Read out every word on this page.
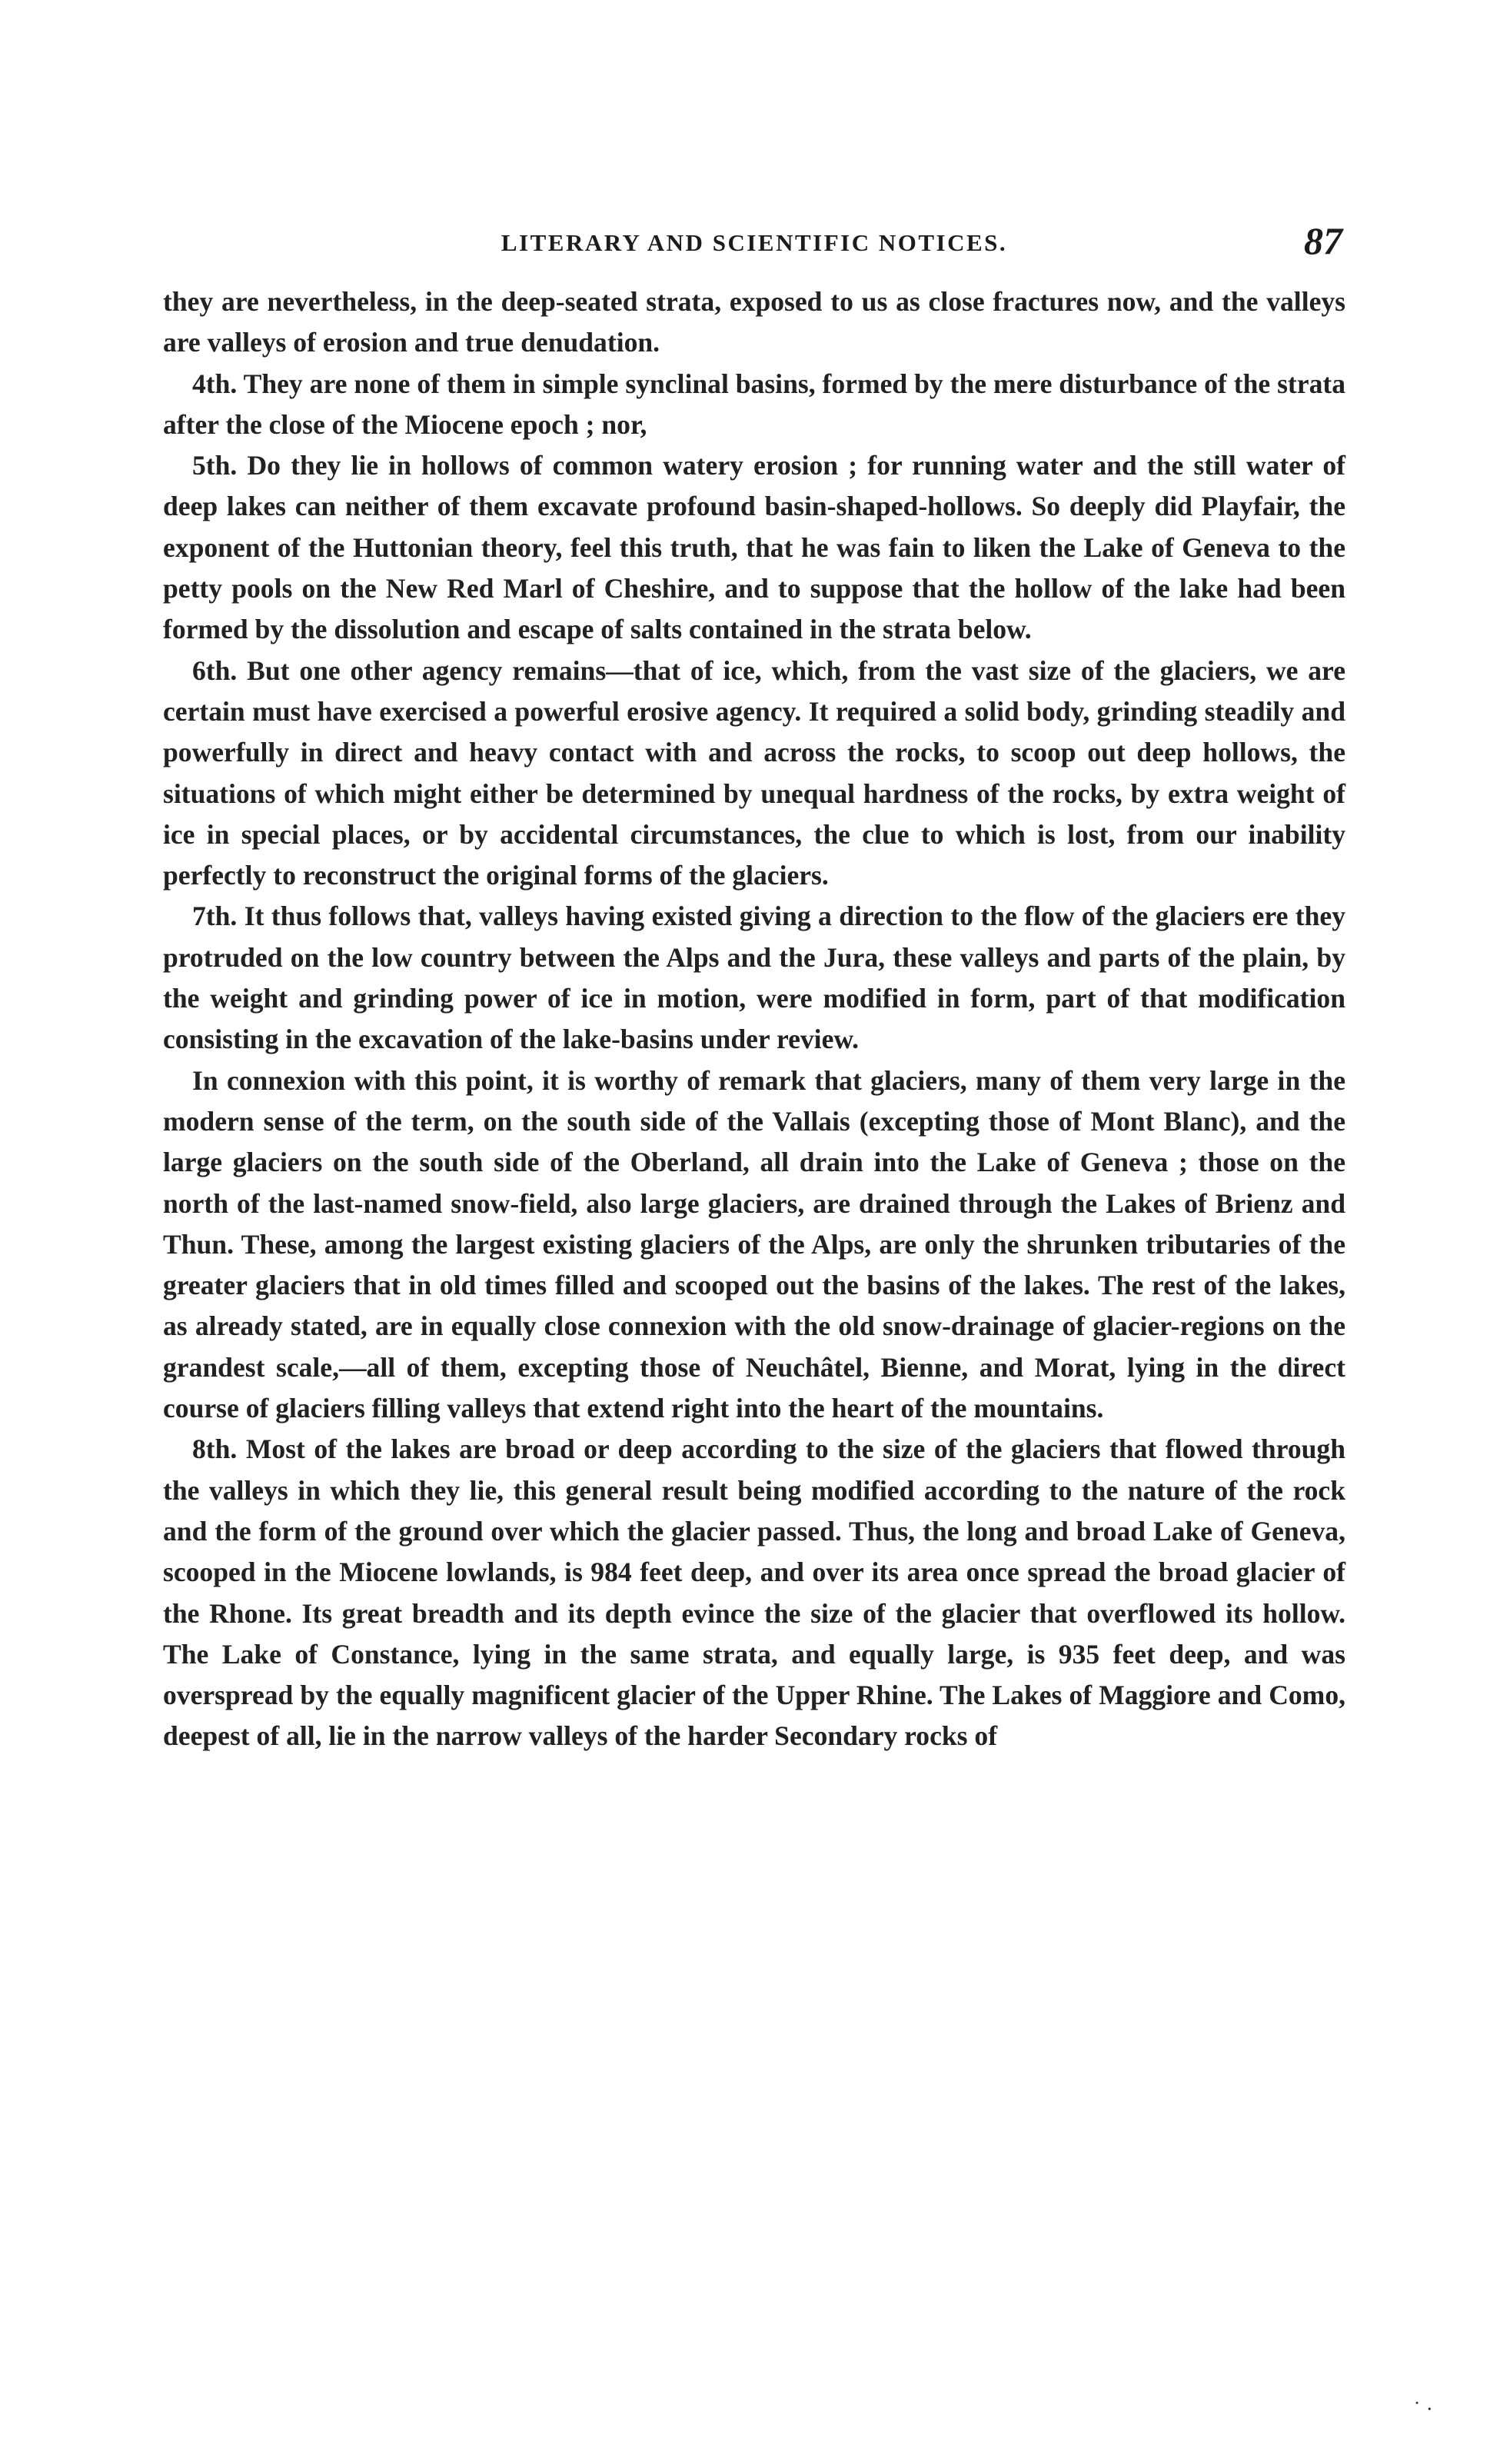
LITERARY AND SCIENTIFIC NOTICES.	87

they are nevertheless, in the deep-seated strata, exposed to us as close fractures now, and the valleys are valleys of erosion and true denudation.

4th. They are none of them in simple synclinal basins, formed by the mere disturbance of the strata after the close of the Miocene epoch ; nor,

5th. Do they lie in hollows of common watery erosion ; for running water and the still water of deep lakes can neither of them excavate profound basin-shaped-hollows. So deeply did Playfair, the exponent of the Huttonian theory, feel this truth, that he was fain to liken the Lake of Geneva to the petty pools on the New Red Marl of Cheshire, and to suppose that the hollow of the lake had been formed by the dissolution and escape of salts contained in the strata below.

6th. But one other agency remains—that of ice, which, from the vast size of the glaciers, we are certain must have exercised a powerful erosive agency. It required a solid body, grinding steadily and powerfully in direct and heavy contact with and across the rocks, to scoop out deep hollows, the situations of which might either be determined by unequal hardness of the rocks, by extra weight of ice in special places, or by accidental circumstances, the clue to which is lost, from our inability perfectly to reconstruct the original forms of the glaciers.

7th. It thus follows that, valleys having existed giving a direction to the flow of the glaciers ere they protruded on the low country between the Alps and the Jura, these valleys and parts of the plain, by the weight and grinding power of ice in motion, were modified in form, part of that modification consisting in the excavation of the lake-basins under review.

In connexion with this point, it is worthy of remark that glaciers, many of them very large in the modern sense of the term, on the south side of the Vallais (excepting those of Mont Blanc), and the large glaciers on the south side of the Oberland, all drain into the Lake of Geneva ; those on the north of the last-named snow-field, also large glaciers, are drained through the Lakes of Brienz and Thun. These, among the largest existing glaciers of the Alps, are only the shrunken tributaries of the greater glaciers that in old times filled and scooped out the basins of the lakes. The rest of the lakes, as already stated, are in equally close connexion with the old snow-drainage of glacier-regions on the grandest scale,—all of them, excepting those of Neuchâtel, Bienne, and Morat, lying in the direct course of glaciers filling valleys that extend right into the heart of the mountains.

8th. Most of the lakes are broad or deep according to the size of the glaciers that flowed through the valleys in which they lie, this general result being modified according to the nature of the rock and the form of the ground over which the glacier passed. Thus, the long and broad Lake of Geneva, scooped in the Miocene lowlands, is 984 feet deep, and over its area once spread the broad glacier of the Rhone. Its great breadth and its depth evince the size of the glacier that overflowed its hollow. The Lake of Constance, lying in the same strata, and equally large, is 935 feet deep, and was overspread by the equally magnificent glacier of the Upper Rhine. The Lakes of Maggiore and Como, deepest of all, lie in the narrow valleys of the harder Secondary rocks of

˙ ·
